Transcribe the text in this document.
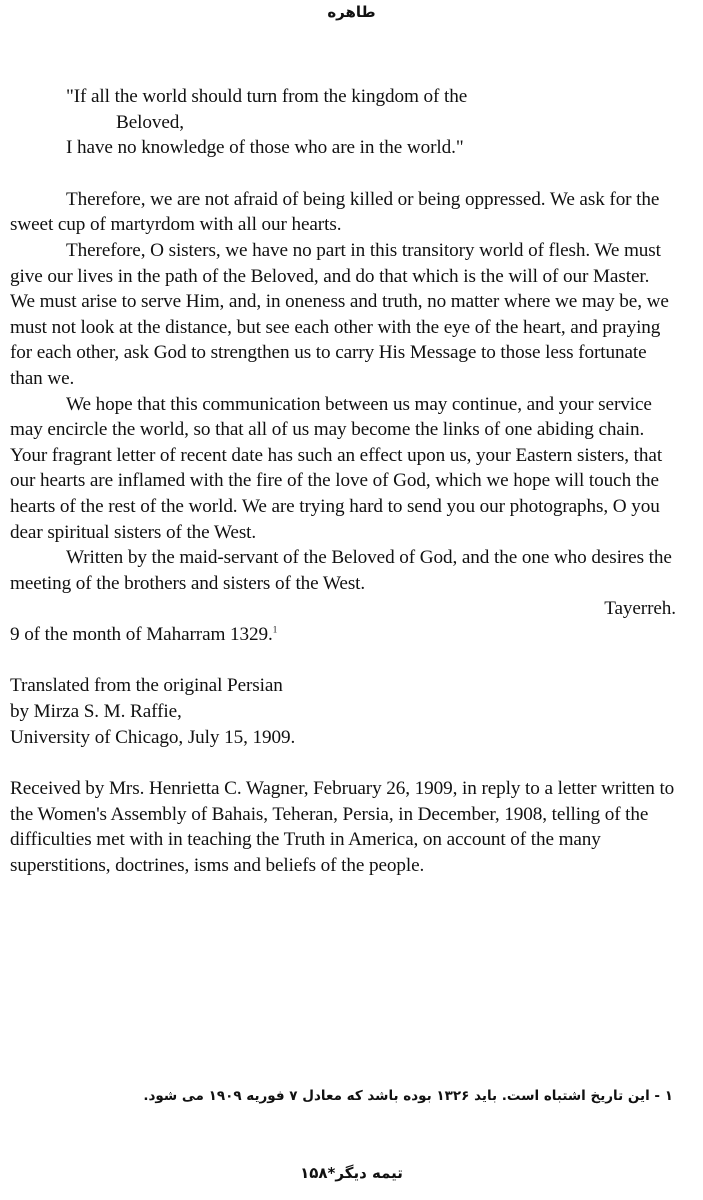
طاهره
"If all the world should turn from the kingdom of the
Beloved,
I have no knowledge of those who are in the world."

Therefore, we are not afraid of being killed or being oppressed. We ask for the sweet cup of martyrdom with all our hearts.

Therefore, O sisters, we have no part in this transitory world of flesh. We must give our lives in the path of the Beloved, and do that which is the will of our Master. We must arise to serve Him, and, in oneness and truth, no matter where we may be, we must not look at the distance, but see each other with the eye of the heart, and praying for each other, ask God to strengthen us to carry His Message to those less fortunate than we.

We hope that this communication between us may continue, and your service may encircle the world, so that all of us may become the links of one abiding chain. Your fragrant letter of recent date has such an effect upon us, your Eastern sisters, that our hearts are inflamed with the fire of the love of God, which we hope will touch the hearts of the rest of the world. We are trying hard to send you our photographs, O you dear spiritual sisters of the West.

Written by the maid-servant of the Beloved of God, and the one who desires the meeting of the brothers and sisters of the West.

Tayerreh.

9 of the month of Maharram 1329.$^1$

Translated from the original Persian
by Mirza S. M. Raffie,
University of Chicago, July 15, 1909.

Received by Mrs. Henrietta C. Wagner, February 26, 1909, in reply to a letter written to the Women's Assembly of Bahais, Teheran, Persia, in December, 1908, telling of the difficulties met with in teaching the Truth in America, on account of the many superstitions, doctrines, isms and beliefs of the people.

۱ - این تاریخ اشتباه است. باید ۱۳۲۶ بوده باشد که معادل ۷ فوریه ۱۹۰۹ می شود.
تیمه دیگر*۱۵۸
